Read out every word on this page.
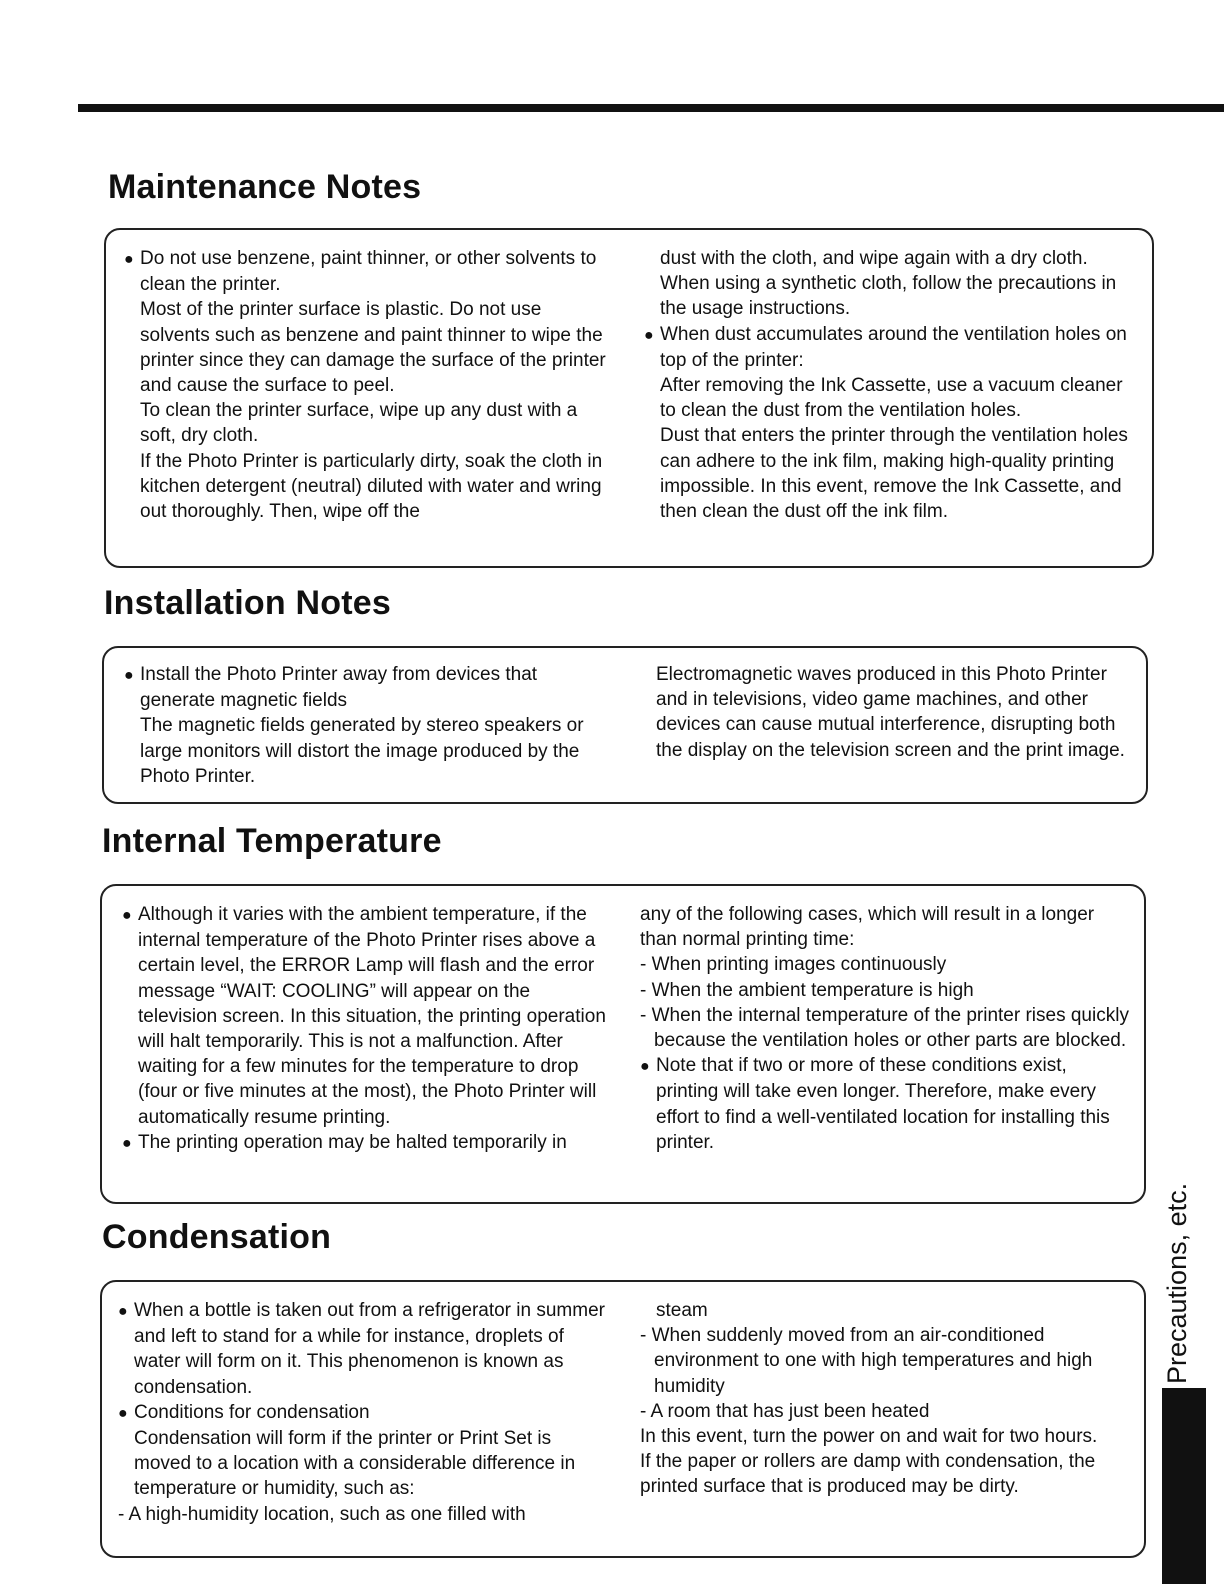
Maintenance Notes

● Do not use benzene, paint thinner, or other solvents to clean the printer.

Most of the printer surface is plastic. Do not use solvents such as benzene and paint thinner to wipe the printer since they can damage the surface of the printer and cause the surface to peel.

To clean the printer surface, wipe up any dust with a soft, dry cloth.

If the Photo Printer is particularly dirty, soak the cloth in kitchen detergent (neutral) diluted with water and wring out thoroughly. Then, wipe off the

dust with the cloth, and wipe again with a dry cloth.

When using a synthetic cloth, follow the precautions in the usage instructions.

● When dust accumulates around the ventilation holes on top of the printer:

After removing the Ink Cassette, use a vacuum cleaner to clean the dust from the ventilation holes.

Dust that enters the printer through the ventilation holes can adhere to the ink film, making high-quality printing impossible. In this event, remove the Ink Cassette, and then clean the dust off the ink film.

Installation Notes

● Install the Photo Printer away from devices that generate magnetic fields

The magnetic fields generated by stereo speakers or large monitors will distort the image produced by the Photo Printer.

Electromagnetic waves produced in this Photo Printer and in televisions, video game machines, and other devices can cause mutual interference, disrupting both the display on the television screen and the print image.

Internal Temperature

● Although it varies with the ambient temperature, if the internal temperature of the Photo Printer rises above a certain level, the ERROR Lamp will flash and the error message “WAIT: COOLING” will appear on the television screen. In this situation, the printing operation will halt temporarily. This is not a malfunction. After waiting for a few minutes for the temperature to drop (four or five minutes at the most), the Photo Printer will automatically resume printing.

● The printing operation may be halted temporarily in

any of the following cases, which will result in a longer than normal printing time:

- When printing images continuously

- When the ambient temperature is high

- When the internal temperature of the printer rises quickly because the ventilation holes or other parts are blocked.

● Note that if two or more of these conditions exist, printing will take even longer. Therefore, make every effort to find a well-ventilated location for installing this printer.

Condensation

● When a bottle is taken out from a refrigerator in summer and left to stand for a while for instance, droplets of water will form on it. This phenomenon is known as condensation.

● Conditions for condensation

Condensation will form if the printer or Print Set is moved to a location with a considerable difference in temperature or humidity, such as:

- A high-humidity location, such as one filled with

steam

- When suddenly moved from an air-conditioned environment to one with high temperatures and high humidity

- A room that has just been heated

In this event, turn the power on and wait for two hours.

If the paper or rollers are damp with condensation, the printed surface that is produced may be dirty.

Precautions, etc.
